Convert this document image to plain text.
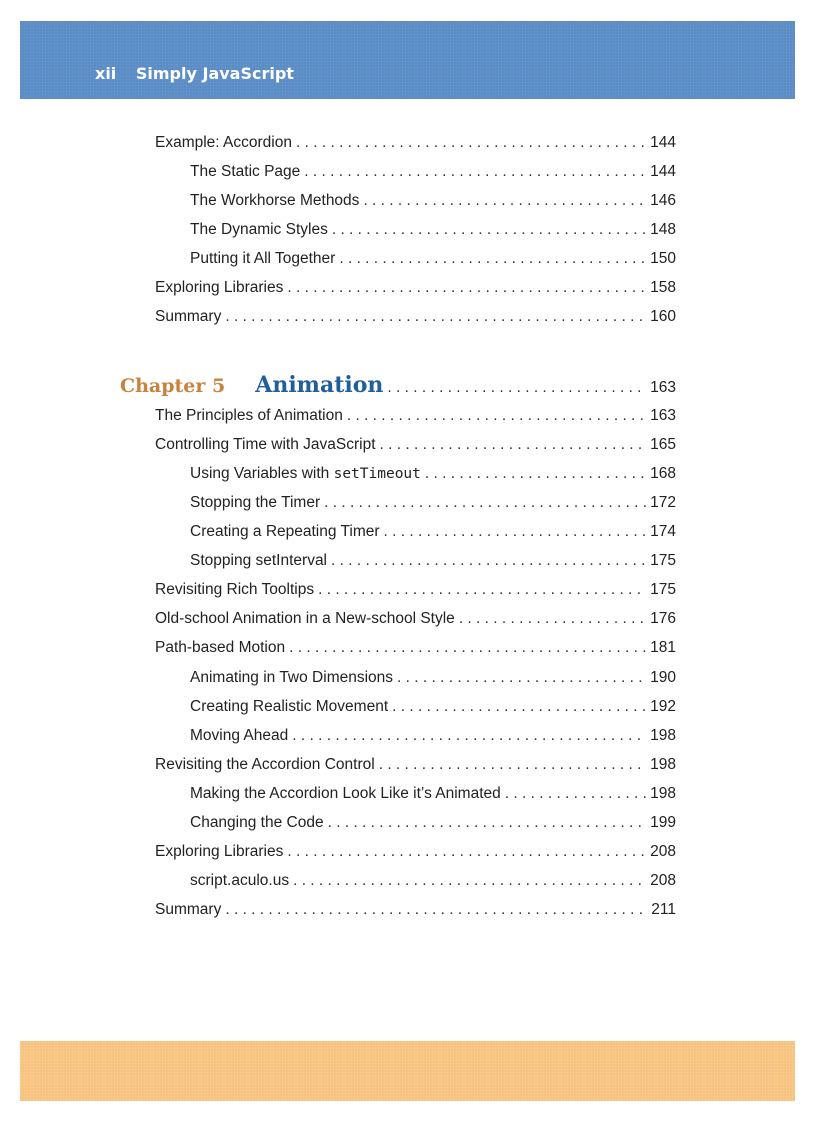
xii Simply JavaScript
Example: Accordion . . .	144
The Static Page . . .	144
The Workhorse Methods . . .	146
The Dynamic Styles . . .	148
Putting it All Together . . .	150
Exploring Libraries . . .	158
Summary . . .	160
Chapter 5 Animation . . .	163
The Principles of Animation . . .	163
Controlling Time with JavaScript . . .	165
Using Variables with setTimeout . . .	168
Stopping the Timer . . .	172
Creating a Repeating Timer . . .	174
Stopping setInterval . . .	175
Revisiting Rich Tooltips . . .	175
Old-school Animation in a New-school Style . . .	176
Path-based Motion . . .	181
Animating in Two Dimensions . . .	190
Creating Realistic Movement . . .	192
Moving Ahead . . .	198
Revisiting the Accordion Control . . .	198
Making the Accordion Look Like it’s Animated . . .	198
Changing the Code . . .	199
Exploring Libraries . . .	208
script.aculo.us . . .	208
Summary . . .	211
